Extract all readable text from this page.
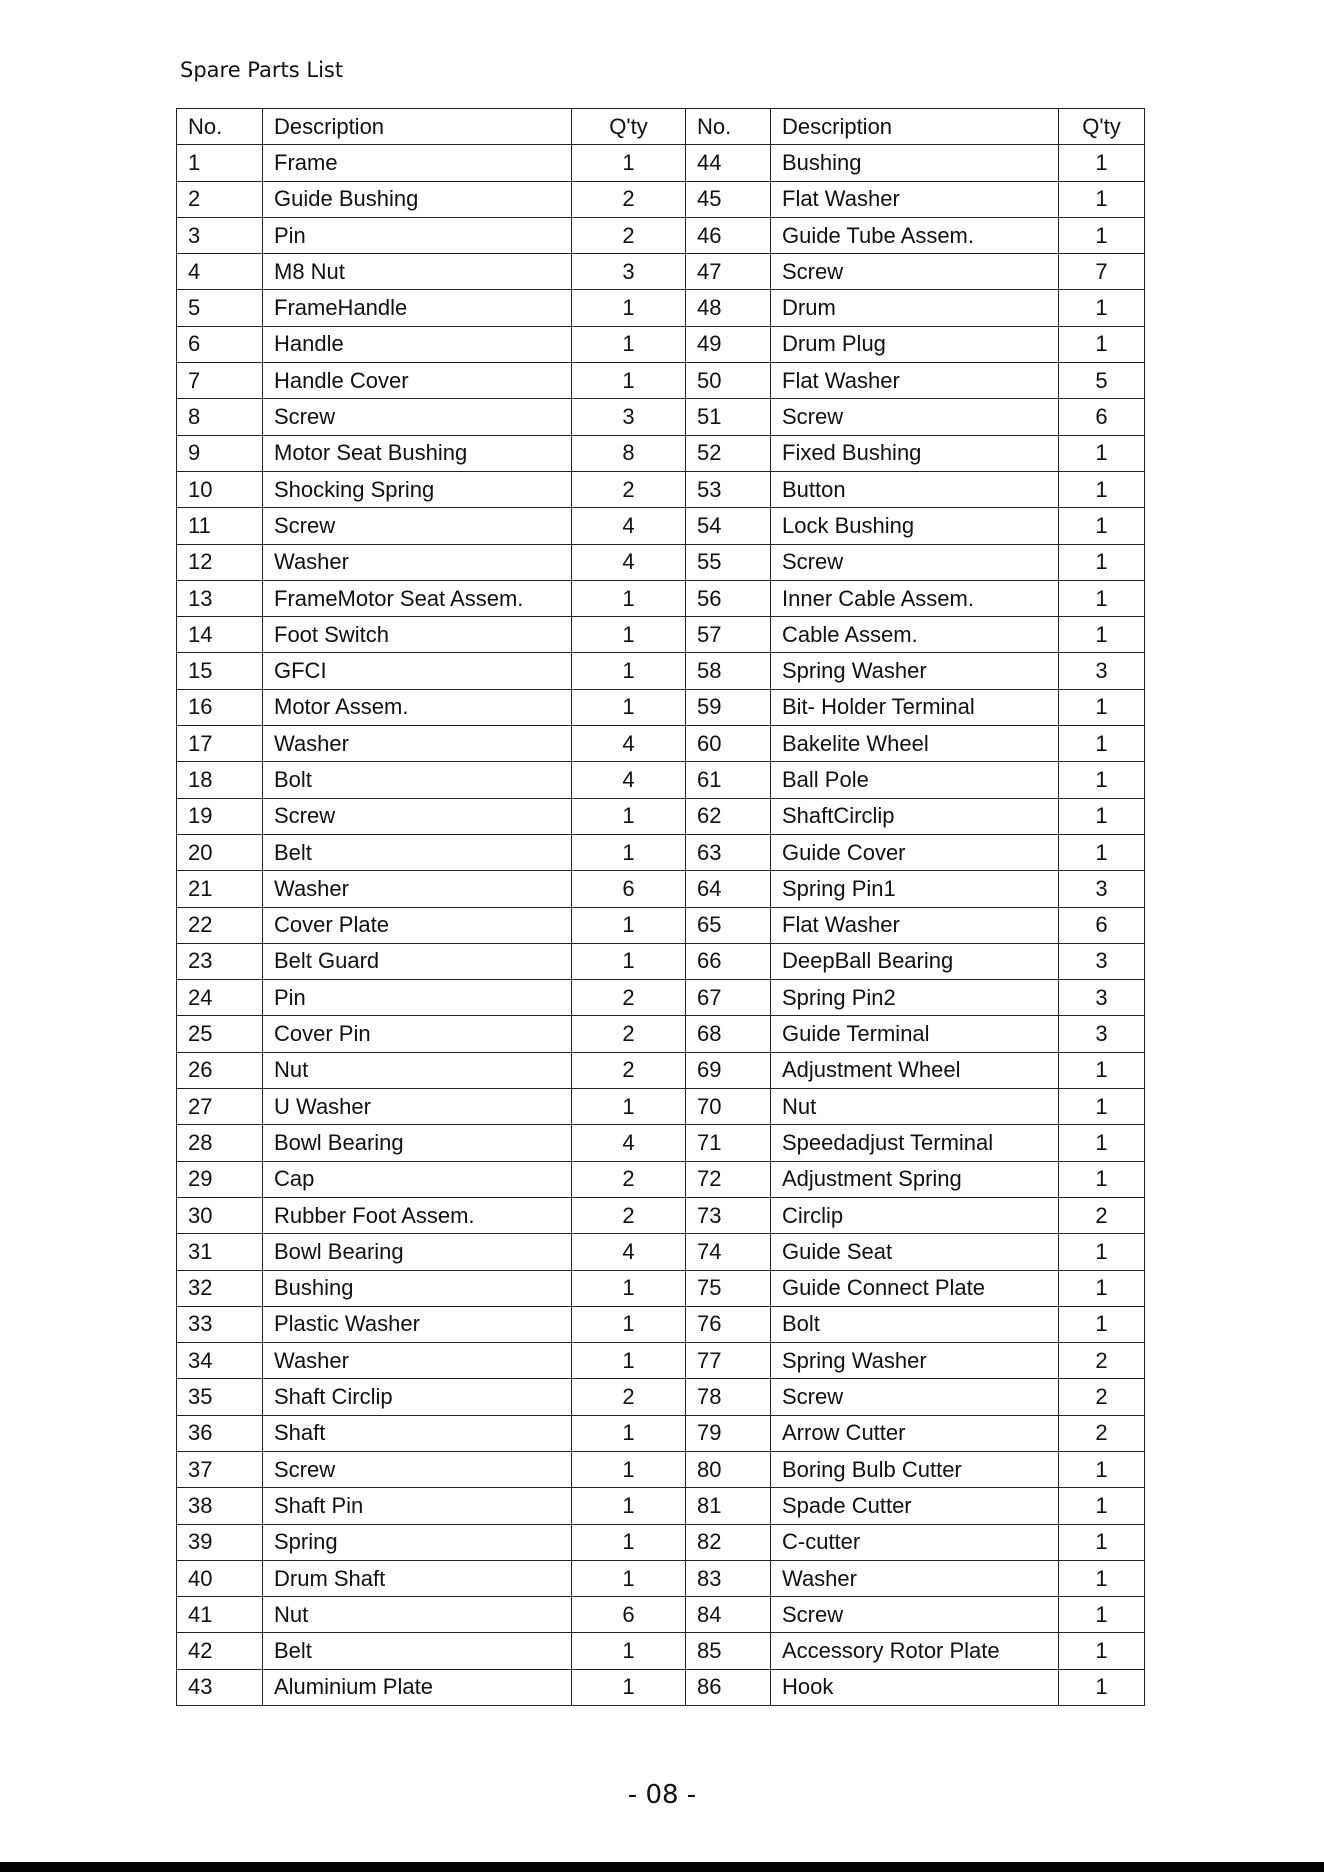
Spare Parts List
No.	Description	Q'ty	No.	Description	Q'ty
1	Frame	1	44	Bushing	1
2	Guide Bushing	2	45	Flat Washer	1
3	Pin	2	46	Guide Tube Assem.	1
4	M8 Nut	3	47	Screw	7
5	FrameHandle	1	48	Drum	1
6	Handle	1	49	Drum Plug	1
7	Handle Cover	1	50	Flat Washer	5
8	Screw	3	51	Screw	6
9	Motor Seat Bushing	8	52	Fixed Bushing	1
10	Shocking Spring	2	53	Button	1
11	Screw	4	54	Lock Bushing	1
12	Washer	4	55	Screw	1
13	FrameMotor Seat Assem.	1	56	Inner Cable Assem.	1
14	Foot Switch	1	57	Cable Assem.	1
15	GFCI	1	58	Spring Washer	3
16	Motor Assem.	1	59	Bit- Holder Terminal	1
17	Washer	4	60	Bakelite Wheel	1
18	Bolt	4	61	Ball Pole	1
19	Screw	1	62	ShaftCirclip	1
20	Belt	1	63	Guide Cover	1
21	Washer	6	64	Spring Pin1	3
22	Cover Plate	1	65	Flat Washer	6
23	Belt Guard	1	66	DeepBall Bearing	3
24	Pin	2	67	Spring Pin2	3
25	Cover Pin	2	68	Guide Terminal	3
26	Nut	2	69	Adjustment Wheel	1
27	U Washer	1	70	Nut	1
28	Bowl Bearing	4	71	Speedadjust Terminal	1
29	Cap	2	72	Adjustment Spring	1
30	Rubber Foot Assem.	2	73	Circlip	2
31	Bowl Bearing	4	74	Guide Seat	1
32	Bushing	1	75	Guide Connect Plate	1
33	Plastic Washer	1	76	Bolt	1
34	Washer	1	77	Spring Washer	2
35	Shaft Circlip	2	78	Screw	2
36	Shaft	1	79	Arrow Cutter	2
37	Screw	1	80	Boring Bulb Cutter	1
38	Shaft Pin	1	81	Spade Cutter	1
39	Spring	1	82	C-cutter	1
40	Drum Shaft	1	83	Washer	1
41	Nut	6	84	Screw	1
42	Belt	1	85	Accessory Rotor Plate	1
43	Aluminium Plate	1	86	Hook	1
- 08 -
